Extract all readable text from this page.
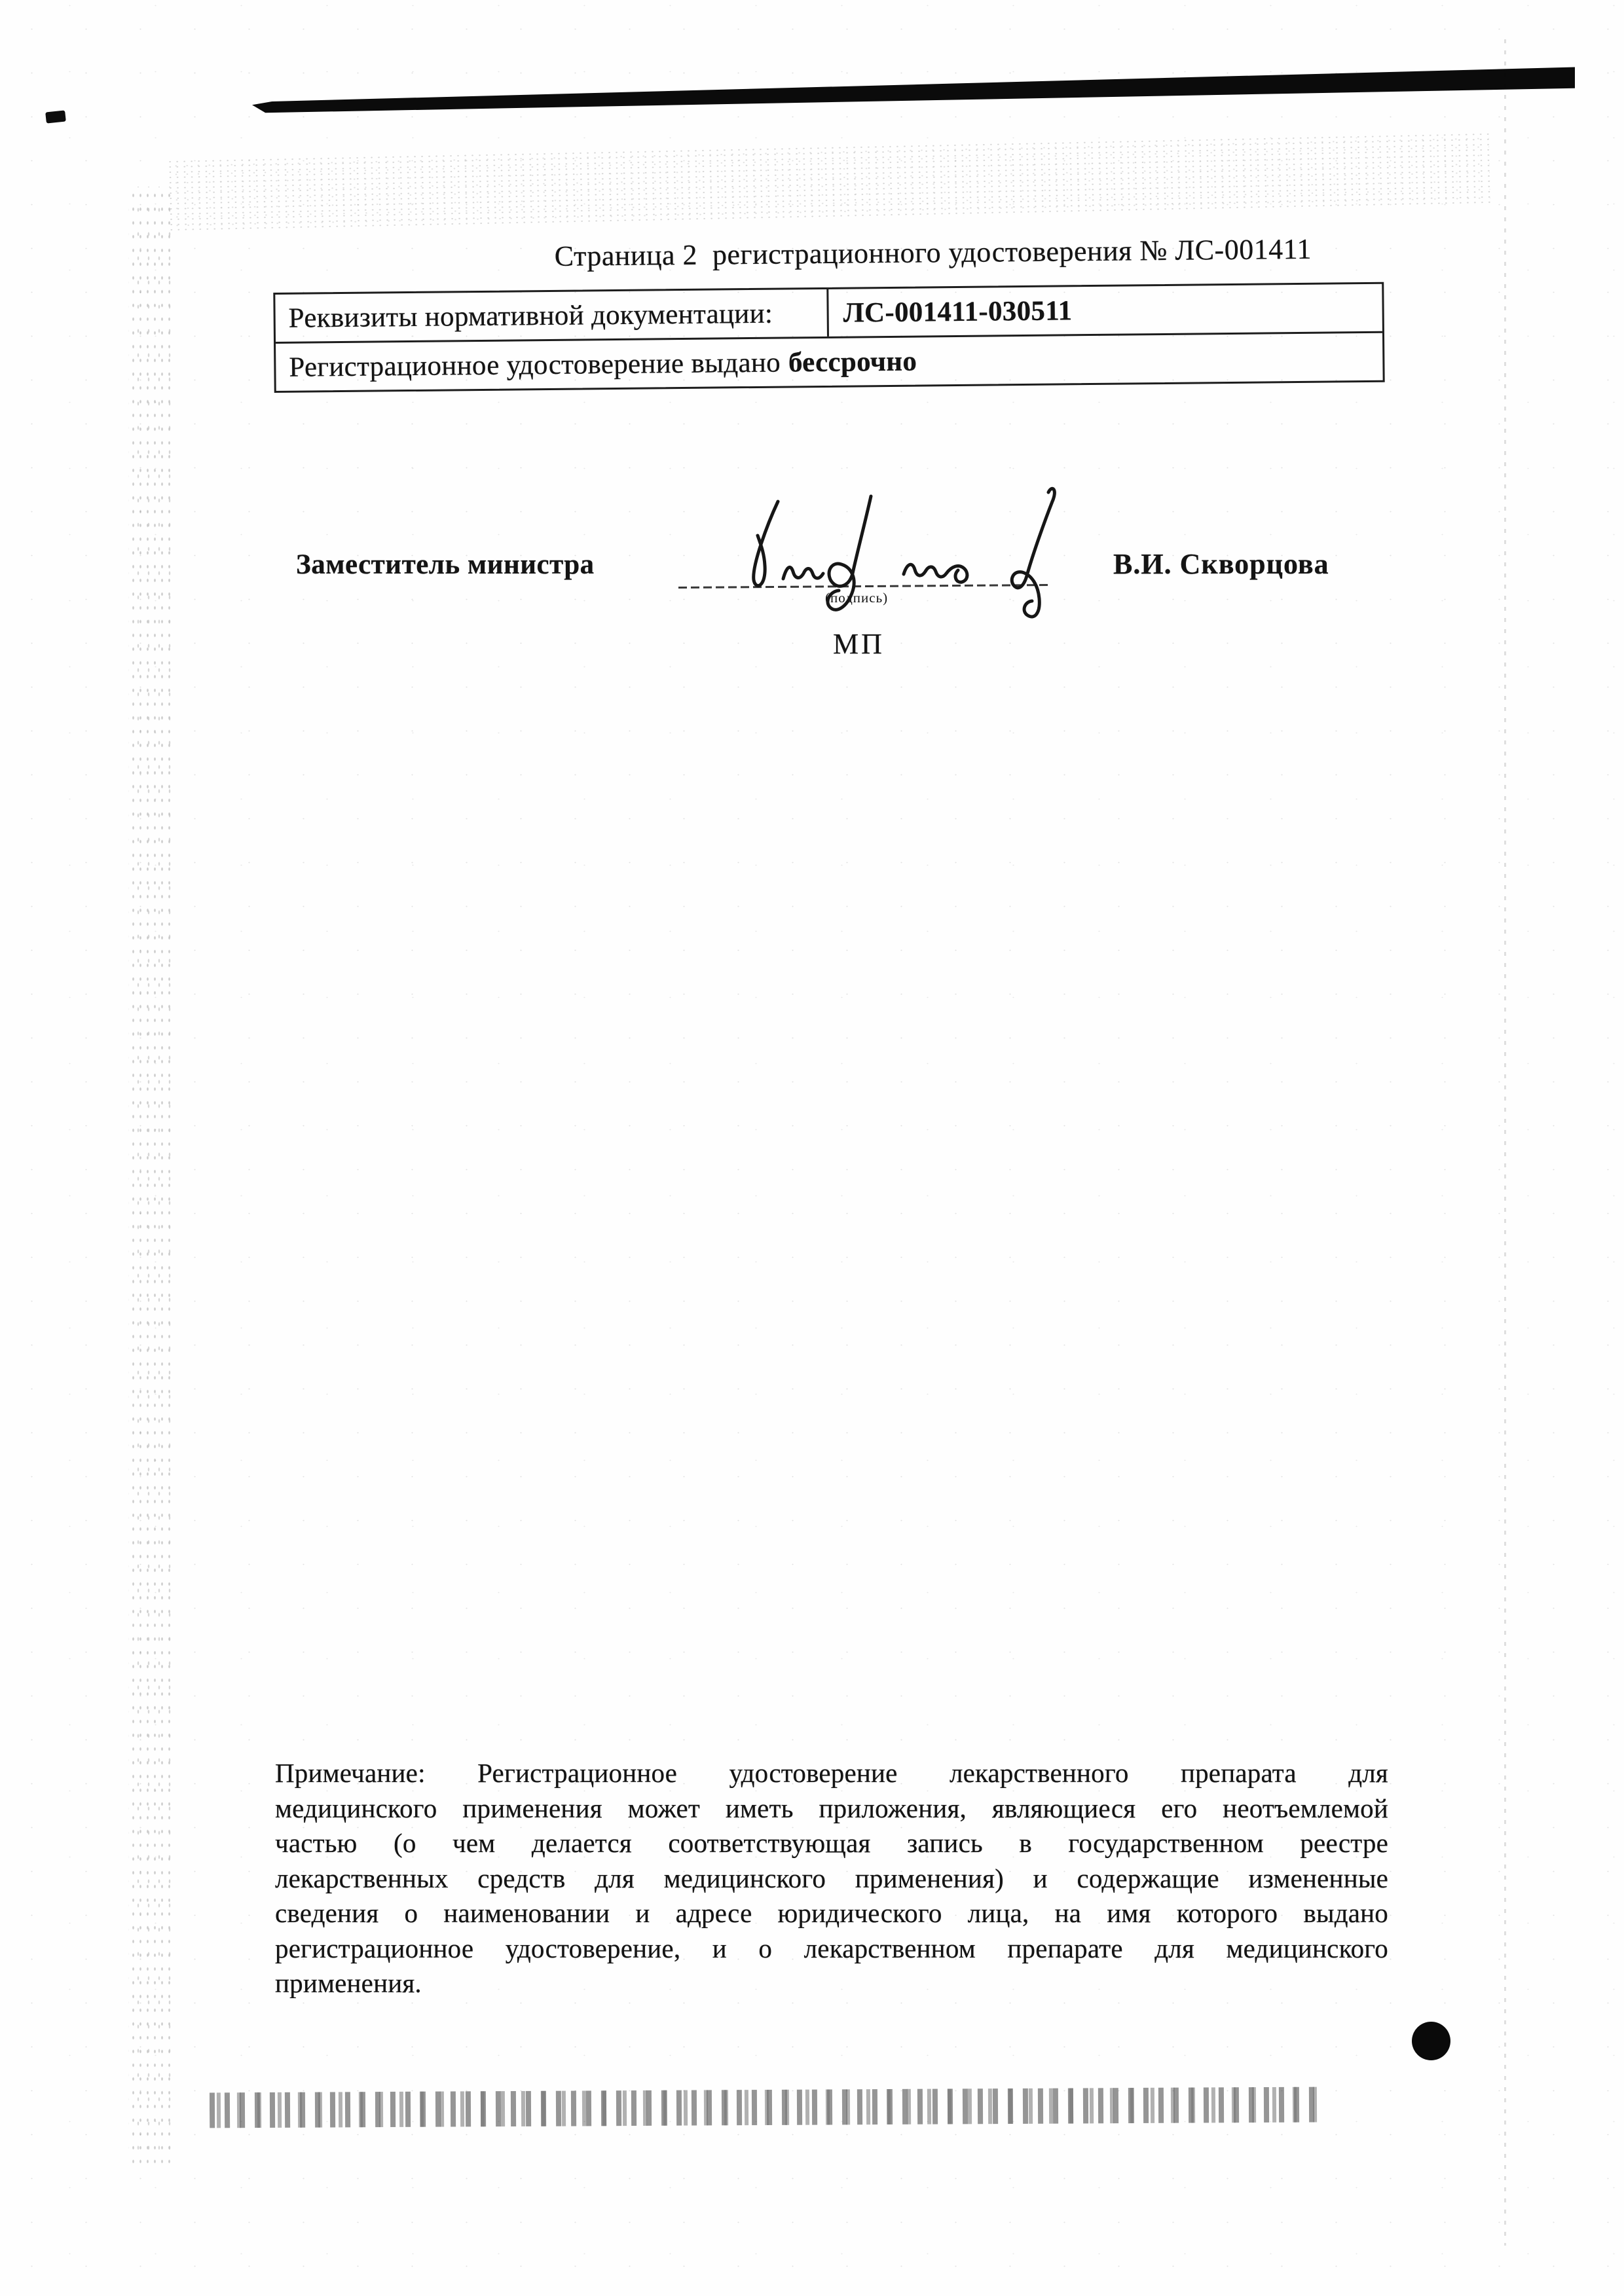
Страница 2  регистрационного удостоверения № ЛС-001411
Реквизиты нормативной документации:	ЛС-001411-030511
Регистрационное удостоверение выдано бессрочно
Заместитель министра
(подпись)
В.И. Скворцова
МП
Примечание: Регистрационное удостоверение лекарственного препарата для
медицинского применения может иметь приложения, являющиеся его неотъемлемой
частью (о чем делается соответствующая запись в государственном реестре
лекарственных средств для медицинского применения) и содержащие измененные
сведения о наименовании и адресе юридического лица, на имя которого выдано
регистрационное удостоверение, и о лекарственном препарате для медицинского
применения.
